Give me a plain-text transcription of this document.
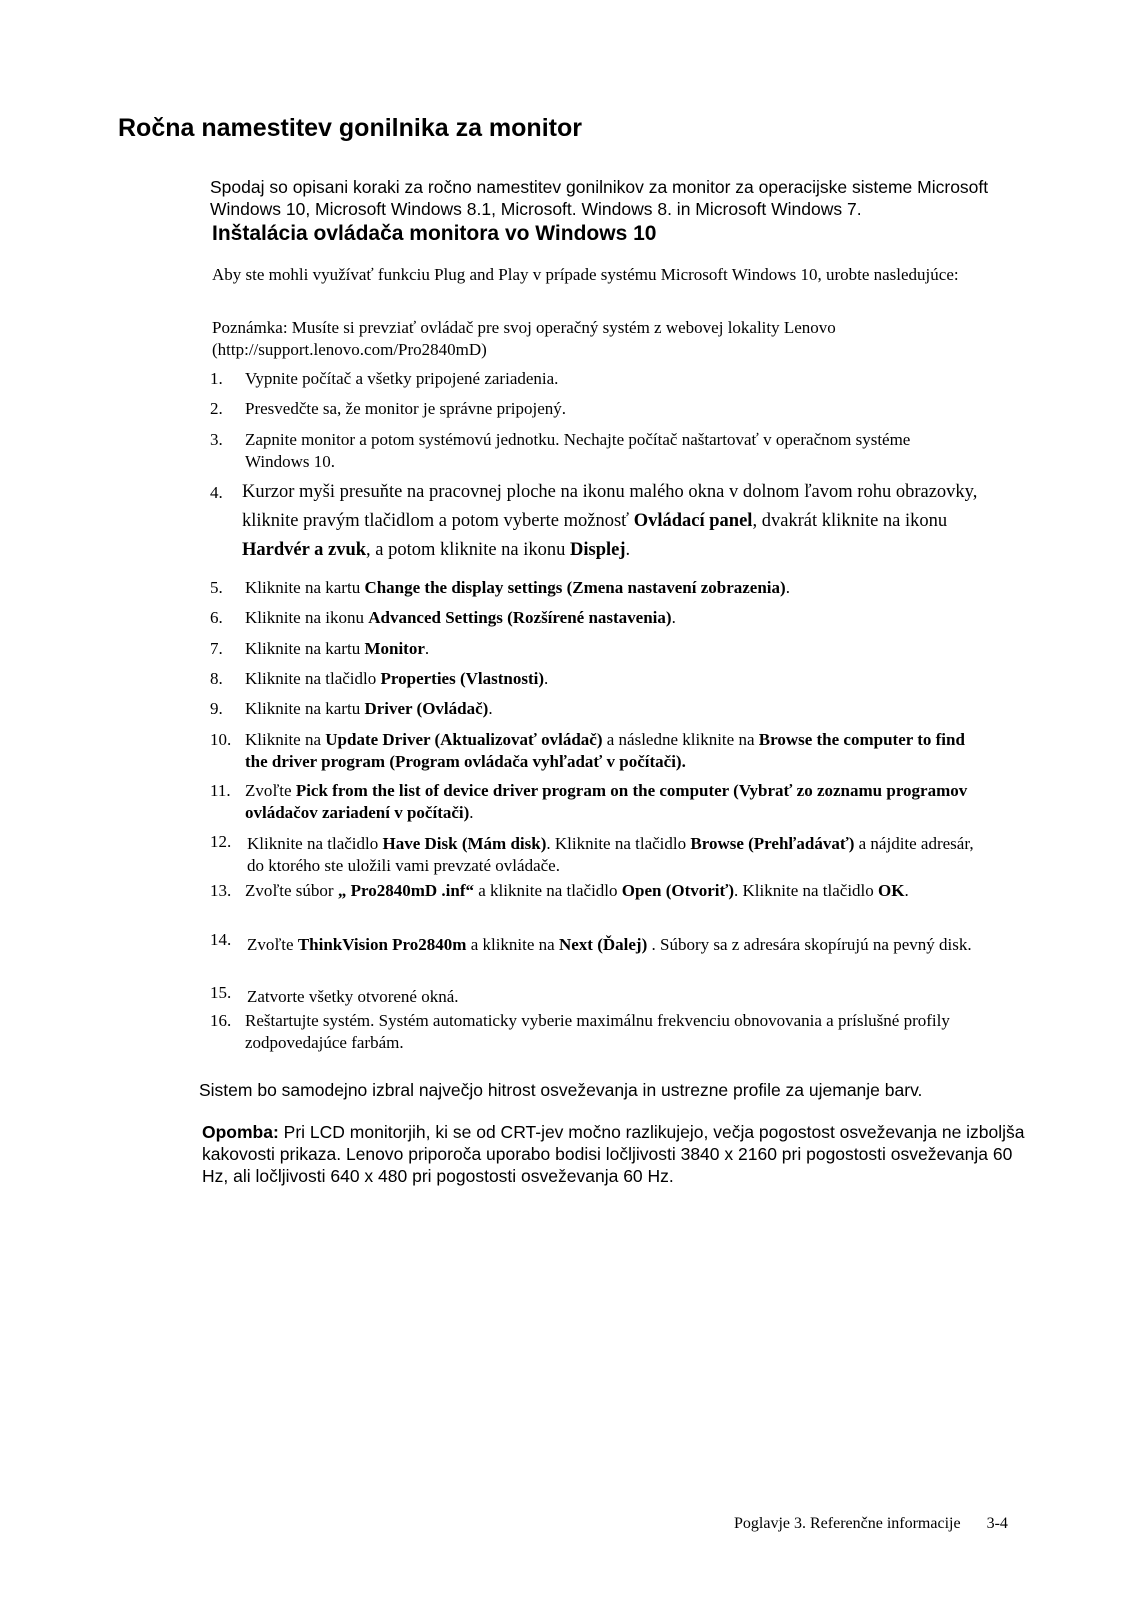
Ročna namestitev gonilnika za monitor
Spodaj so opisani koraki za ročno namestitev gonilnikov za monitor za operacijske sisteme Microsoft Windows 10, Microsoft Windows 8.1, Microsoft. Windows 8. in Microsoft Windows 7.
Inštalácia ovládača monitora vo Windows 10
Aby ste mohli využívať funkciu Plug and Play v prípade systému Microsoft Windows 10, urobte nasledujúce:
Poznámka: Musíte si prevziať ovládač pre svoj operačný systém z webovej lokality Lenovo (http://support.lenovo.com/Pro2840mD)
1. Vypnite počítač a všetky pripojené zariadenia.
2. Presvedčte sa, že monitor je správne pripojený.
3. Zapnite monitor a potom systémovú jednotku. Nechajte počítač naštartovať v operačnom systéme Windows 10.
4. Kurzor myši presuňte na pracovnej ploche na ikonu malého okna v dolnom ľavom rohu obrazovky, kliknite pravým tlačidlom a potom vyberte možnosť Ovládací panel, dvakrát kliknite na ikonu Hardvér a zvuk, a potom kliknite na ikonu Displej.
5. Kliknite na kartu Change the display settings (Zmena nastavení zobrazenia).
6. Kliknite na ikonu Advanced Settings (Rozšírené nastavenia).
7. Kliknite na kartu Monitor.
8. Kliknite na tlačidlo Properties (Vlastnosti).
9. Kliknite na kartu Driver (Ovládač).
10. Kliknite na Update Driver (Aktualizovať ovládač) a následne kliknite na Browse the computer to find the driver program (Program ovládača vyhľadať v počítači).
11. Zvoľte Pick from the list of device driver program on the computer (Vybrať zo zoznamu programov ovládačov zariadení v počítači).
12. Kliknite na tlačidlo Have Disk (Mám disk). Kliknite na tlačidlo Browse (Prehľadávať) a nájdite adresár, do ktorého ste uložili vami prevzaté ovládače.
13. Zvoľte súbor „ Pro2840mD .inf“ a kliknite na tlačidlo Open (Otvoriť). Kliknite na tlačidlo OK.
14. Zvoľte ThinkVision Pro2840m a kliknite na Next (Ďalej) . Súbory sa z adresára skopírujú na pevný disk.
15. Zatvorte všetky otvorené okná.
16. Reštartujte systém. Systém automaticky vyberie maximálnu frekvenciu obnovovania a príslušné profily zodpovedajúce farbám.
Sistem bo samodejno izbral največjo hitrost osveževanja in ustrezne profile za ujemanje barv.
Opomba: Pri LCD monitorjih, ki se od CRT-jev močno razlikujejo, večja pogostost osveževanja ne izboljša kakovosti prikaza. Lenovo priporoča uporabo bodisi ločljivosti 3840 x 2160 pri pogostosti osveževanja 60 Hz, ali ločljivosti 640 x 480 pri pogostosti osveževanja 60 Hz.
Poglavje 3. Referenčne informacije 3-4
